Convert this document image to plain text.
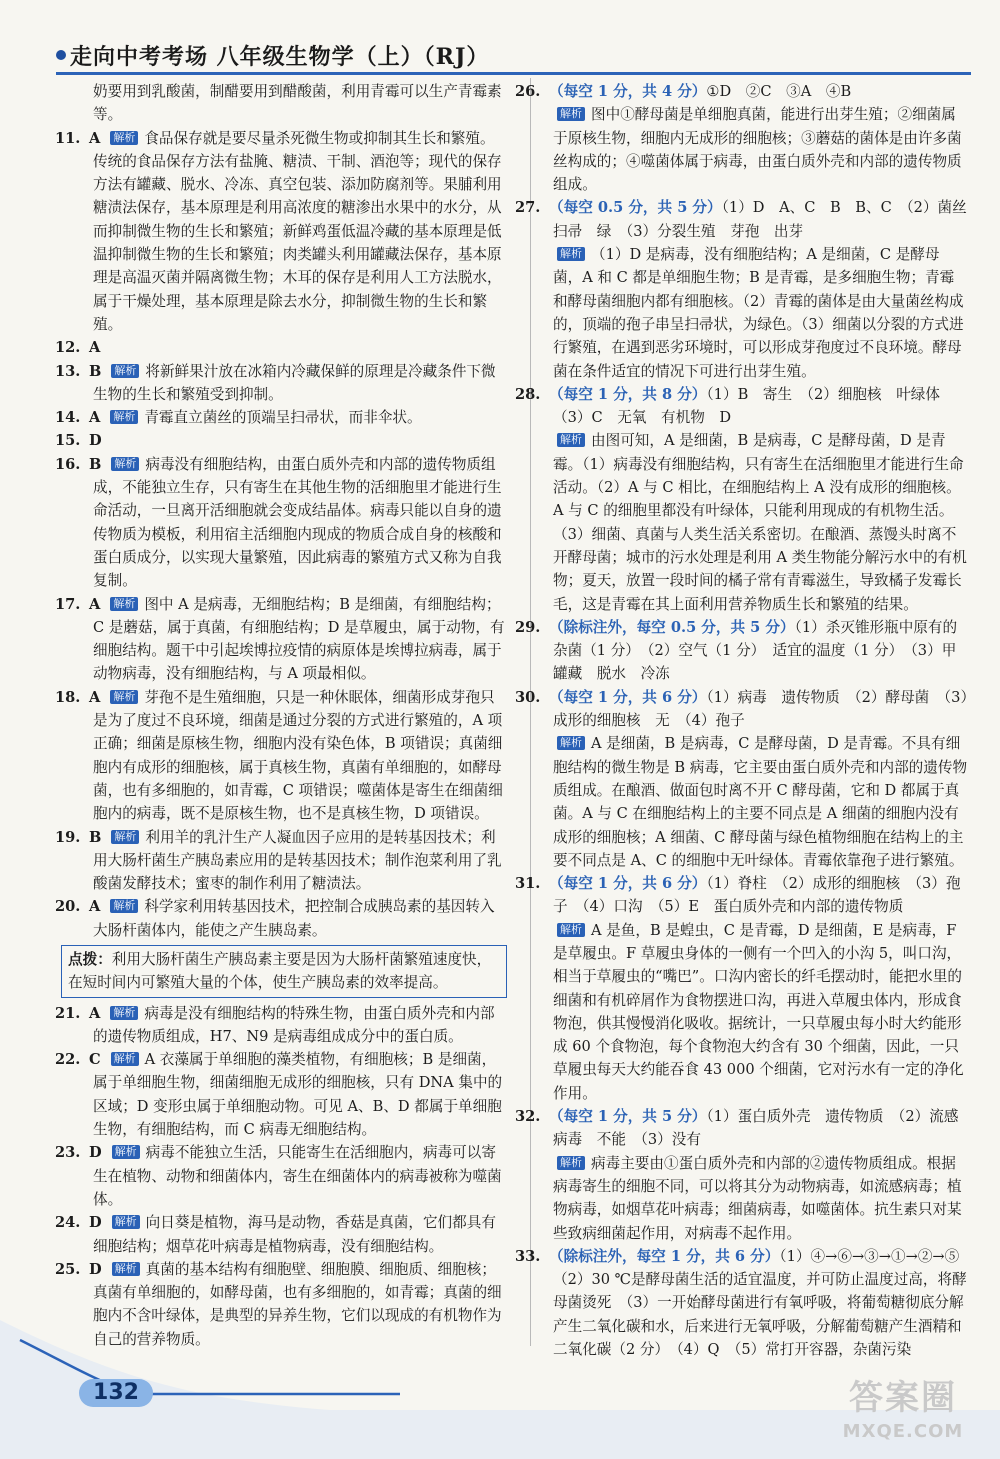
走向中考考场 八年级生物学（上）（RJ）

奶要用到乳酸菌，制醋要用到醋酸菌，利用青霉可以生产青霉素等。

11. A 解析 食品保存就是要尽量杀死微生物或抑制其生长和繁殖。传统的食品保存方法有盐腌、糖渍、干制、酒泡等；现代的保存方法有罐藏、脱水、冷冻、真空包装、添加防腐剂等。果脯利用糖渍法保存，基本原理是利用高浓度的糖渗出水果中的水分，从而抑制微生物的生长和繁殖；新鲜鸡蛋低温冷藏的基本原理是低温抑制微生物的生长和繁殖；肉类罐头利用罐藏法保存，基本原理是高温灭菌并隔离微生物；木耳的保存是利用人工方法脱水，属于干燥处理，基本原理是除去水分，抑制微生物的生长和繁殖。

12. A

13. B 解析 将新鲜果汁放在冰箱内冷藏保鲜的原理是冷藏条件下微生物的生长和繁殖受到抑制。

14. A 解析 青霉直立菌丝的顶端呈扫帚状，而非伞状。

15. D

16. B 解析 病毒没有细胞结构，由蛋白质外壳和内部的遗传物质组成，不能独立生存，只有寄生在其他生物的活细胞里才能进行生命活动，一旦离开活细胞就会变成结晶体。病毒只能以自身的遗传物质为模板，利用宿主活细胞内现成的物质合成自身的核酸和蛋白质成分，以实现大量繁殖，因此病毒的繁殖方式又称为自我复制。

17. A 解析 图中 A 是病毒，无细胞结构；B 是细菌，有细胞结构；C 是蘑菇，属于真菌，有细胞结构；D 是草履虫，属于动物，有细胞结构。题干中引起埃博拉疫情的病原体是埃博拉病毒，属于动物病毒，没有细胞结构，与 A 项最相似。

18. A 解析 芽孢不是生殖细胞，只是一种休眠体，细菌形成芽孢只是为了度过不良环境，细菌是通过分裂的方式进行繁殖的，A 项正确；细菌是原核生物，细胞内没有染色体，B 项错误；真菌细胞内有成形的细胞核，属于真核生物，真菌有单细胞的，如酵母菌，也有多细胞的，如青霉，C 项错误；噬菌体是寄生在细菌细胞内的病毒，既不是原核生物，也不是真核生物，D 项错误。

19. B 解析 利用羊的乳汁生产人凝血因子应用的是转基因技术；利用大肠杆菌生产胰岛素应用的是转基因技术；制作泡菜利用了乳酸菌发酵技术；蜜枣的制作利用了糖渍法。

20. A 解析 科学家利用转基因技术，把控制合成胰岛素的基因转入大肠杆菌体内，能使之产生胰岛素。

点拨：利用大肠杆菌生产胰岛素主要是因为大肠杆菌繁殖速度快，在短时间内可繁殖大量的个体，使生产胰岛素的效率提高。

21. A 解析 病毒是没有细胞结构的特殊生物，由蛋白质外壳和内部的遗传物质组成，H7、N9 是病毒组成成分中的蛋白质。

22. C 解析 A 衣藻属于单细胞的藻类植物，有细胞核；B 是细菌，属于单细胞生物，细菌细胞无成形的细胞核，只有 DNA 集中的区域；D 变形虫属于单细胞动物。可见 A、B、D 都属于单细胞生物，有细胞结构，而 C 病毒无细胞结构。

23. D 解析 病毒不能独立生活，只能寄生在活细胞内，病毒可以寄生在植物、动物和细菌体内，寄生在细菌体内的病毒被称为噬菌体。

24. D 解析 向日葵是植物，海马是动物，香菇是真菌，它们都具有细胞结构；烟草花叶病毒是植物病毒，没有细胞结构。

25. D 解析 真菌的基本结构有细胞壁、细胞膜、细胞质、细胞核；真菌有单细胞的，如酵母菌，也有多细胞的，如青霉；真菌的细胞内不含叶绿体，是典型的异养生物，它们以现成的有机物作为自己的营养物质。

26. （每空 1 分，共 4 分）①D　②C　③A　④B

解析 图中①酵母菌是单细胞真菌，能进行出芽生殖；②细菌属于原核生物，细胞内无成形的细胞核；③蘑菇的菌体是由许多菌丝构成的；④噬菌体属于病毒，由蛋白质外壳和内部的遗传物质组成。

27. （每空 0.5 分，共 5 分）（1）D　A、C　B　B、C　（2）菌丝　扫帚　绿　（3）分裂生殖　芽孢　出芽

解析 （1）D 是病毒，没有细胞结构；A 是细菌，C 是酵母菌，A 和 C 都是单细胞生物；B 是青霉，是多细胞生物；青霉和酵母菌细胞内都有细胞核。（2）青霉的菌体是由大量菌丝构成的，顶端的孢子串呈扫帚状，为绿色。（3）细菌以分裂的方式进行繁殖，在遇到恶劣环境时，可以形成芽孢度过不良环境。酵母菌在条件适宜的情况下可进行出芽生殖。

28. （每空 1 分，共 8 分）（1）B　寄生　（2）细胞核　叶绿体　（3）C　无氧　有机物　D

解析 由图可知，A 是细菌，B 是病毒，C 是酵母菌，D 是青霉。（1）病毒没有细胞结构，只有寄生在活细胞里才能进行生命活动。（2）A 与 C 相比，在细胞结构上 A 没有成形的细胞核。A 与 C 的细胞里都没有叶绿体，只能利用现成的有机物生活。（3）细菌、真菌与人类生活关系密切。在酿酒、蒸馒头时离不开酵母菌；城市的污水处理是利用 A 类生物能分解污水中的有机物；夏天，放置一段时间的橘子常有青霉滋生，导致橘子发霉长毛，这是青霉在其上面利用营养物质生长和繁殖的结果。

29. （除标注外，每空 0.5 分，共 5 分）（1）杀灭锥形瓶中原有的杂菌（1 分）　（2）空气（1 分）　适宜的温度（1 分）　（3）甲　罐藏　脱水　冷冻

30. （每空 1 分，共 6 分）（1）病毒　遗传物质　（2）酵母菌　（3）成形的细胞核　无　（4）孢子

解析 A 是细菌，B 是病毒，C 是酵母菌，D 是青霉。不具有细胞结构的微生物是 B 病毒，它主要由蛋白质外壳和内部的遗传物质组成。在酿酒、做面包时离不开 C 酵母菌，它和 D 都属于真菌。A 与 C 在细胞结构上的主要不同点是 A 细菌的细胞内没有成形的细胞核；A 细菌、C 酵母菌与绿色植物细胞在结构上的主要不同点是 A、C 的细胞中无叶绿体。青霉依靠孢子进行繁殖。

31. （每空 1 分，共 6 分）（1）脊柱　（2）成形的细胞核　（3）孢子　（4）口沟　（5）E　蛋白质外壳和内部的遗传物质

解析 A 是鱼，B 是蝗虫，C 是青霉，D 是细菌，E 是病毒，F 是草履虫。F 草履虫身体的一侧有一个凹入的小沟 5，叫口沟，相当于草履虫的“嘴巴”。口沟内密长的纤毛摆动时，能把水里的细菌和有机碎屑作为食物摆进口沟，再进入草履虫体内，形成食物泡，供其慢慢消化吸收。据统计，一只草履虫每小时大约能形成 60 个食物泡，每个食物泡大约含有 30 个细菌，因此，一只草履虫每天大约能吞食 43 000 个细菌，它对污水有一定的净化作用。

32. （每空 1 分，共 5 分）（1）蛋白质外壳　遗传物质　（2）流感病毒　不能　（3）没有

解析 病毒主要由①蛋白质外壳和内部的②遗传物质组成。根据病毒寄生的细胞不同，可以将其分为动物病毒，如流感病毒；植物病毒，如烟草花叶病毒；细菌病毒，如噬菌体。抗生素只对某些致病细菌起作用，对病毒不起作用。

33. （除标注外，每空 1 分，共 6 分）（1）④→⑥→③→①→②→⑤　（2）30 ℃是酵母菌生活的适宜温度，并可防止温度过高，将酵母菌烫死　（3）一开始酵母菌进行有氧呼吸，将葡萄糖彻底分解产生二氧化碳和水，后来进行无氧呼吸，分解葡萄糖产生酒精和二氧化碳（2 分）　（4）Q　（5）常打开容器，杂菌污染

132	答案圈
MXQE.COM
